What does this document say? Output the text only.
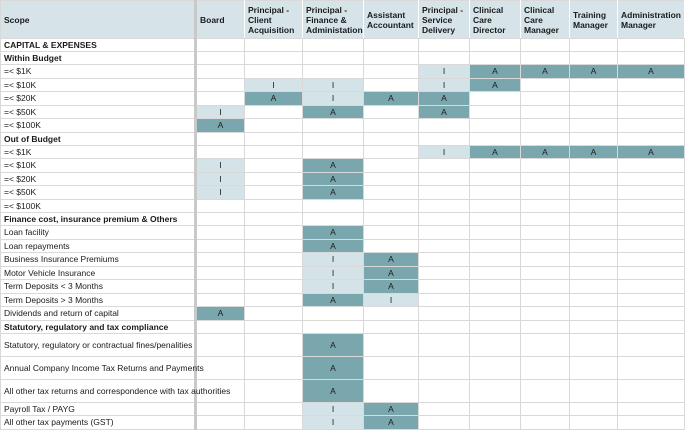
Scope	Board	Principal - Client Acquisition	Principal - Finance & Administation	Assistant Accountant	Principal - Service Delivery	Clinical Care Director	Clinical Care Manager	Training Manager	Administration Manager
CAPITAL & EXPENSES									
Within Budget									
=< $1K					I	A	A	A	A
=< $10K		I	I		I	A			
=< $20K		A	I	A	A				
=< $50K	I		A		A				
=< $100K	A								
Out of Budget									
=< $1K					I	A	A	A	A
=< $10K	I		A						
=< $20K	I		A						
=< $50K	I		A						
=< $100K									
Finance cost, insurance premium & Others									
Loan facility			A						
Loan repayments			A						
Business Insurance Premiums			I	A					
Motor Vehicle Insurance			I	A					
Term Deposits < 3 Months			I	A					
Term Deposits > 3 Months			A	I					
Dividends and return of capital	A								
Statutory, regulatory and tax compliance									
Statutory, regulatory or contractual fines/penalities			A						
Annual Company Income Tax Returns and Payments			A						
All other tax returns and correspondence with tax authorities			A						
Payroll Tax / PAYG			I	A					
All other tax payments (GST)			I	A					
